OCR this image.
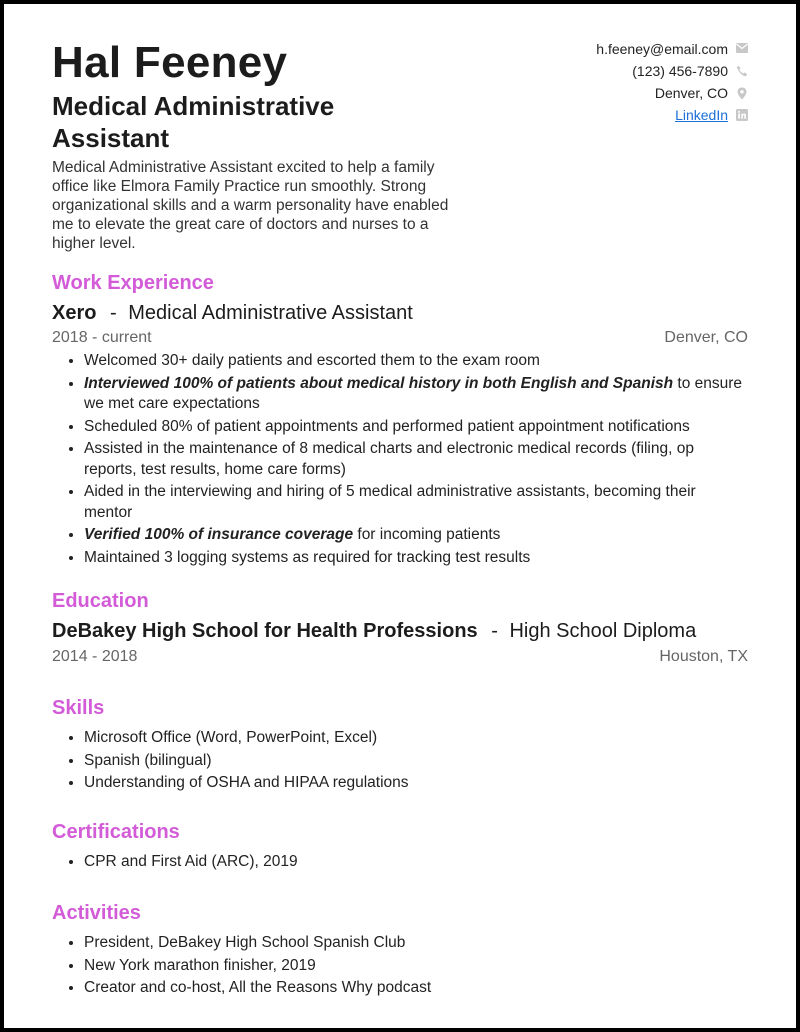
Hal Feeney
Medical Administrative Assistant
Medical Administrative Assistant excited to help a family office like Elmora Family Practice run smoothly. Strong organizational skills and a warm personality have enabled me to elevate the great care of doctors and nurses to a higher level.
h.feeney@email.com
(123) 456-7890
Denver, CO
LinkedIn
Work Experience
Xero - Medical Administrative Assistant
2018 - current	Denver, CO
• Welcomed 30+ daily patients and escorted them to the exam room
• Interviewed 100% of patients about medical history in both English and Spanish to ensure we met care expectations
• Scheduled 80% of patient appointments and performed patient appointment notifications
• Assisted in the maintenance of 8 medical charts and electronic medical records (filing, op reports, test results, home care forms)
• Aided in the interviewing and hiring of 5 medical administrative assistants, becoming their mentor
• Verified 100% of insurance coverage for incoming patients
• Maintained 3 logging systems as required for tracking test results
Education
DeBakey High School for Health Professions - High School Diploma
2014 - 2018	Houston, TX
Skills
• Microsoft Office (Word, PowerPoint, Excel)
• Spanish (bilingual)
• Understanding of OSHA and HIPAA regulations
Certifications
• CPR and First Aid (ARC), 2019
Activities
• President, DeBakey High School Spanish Club
• New York marathon finisher, 2019
• Creator and co-host, All the Reasons Why podcast
